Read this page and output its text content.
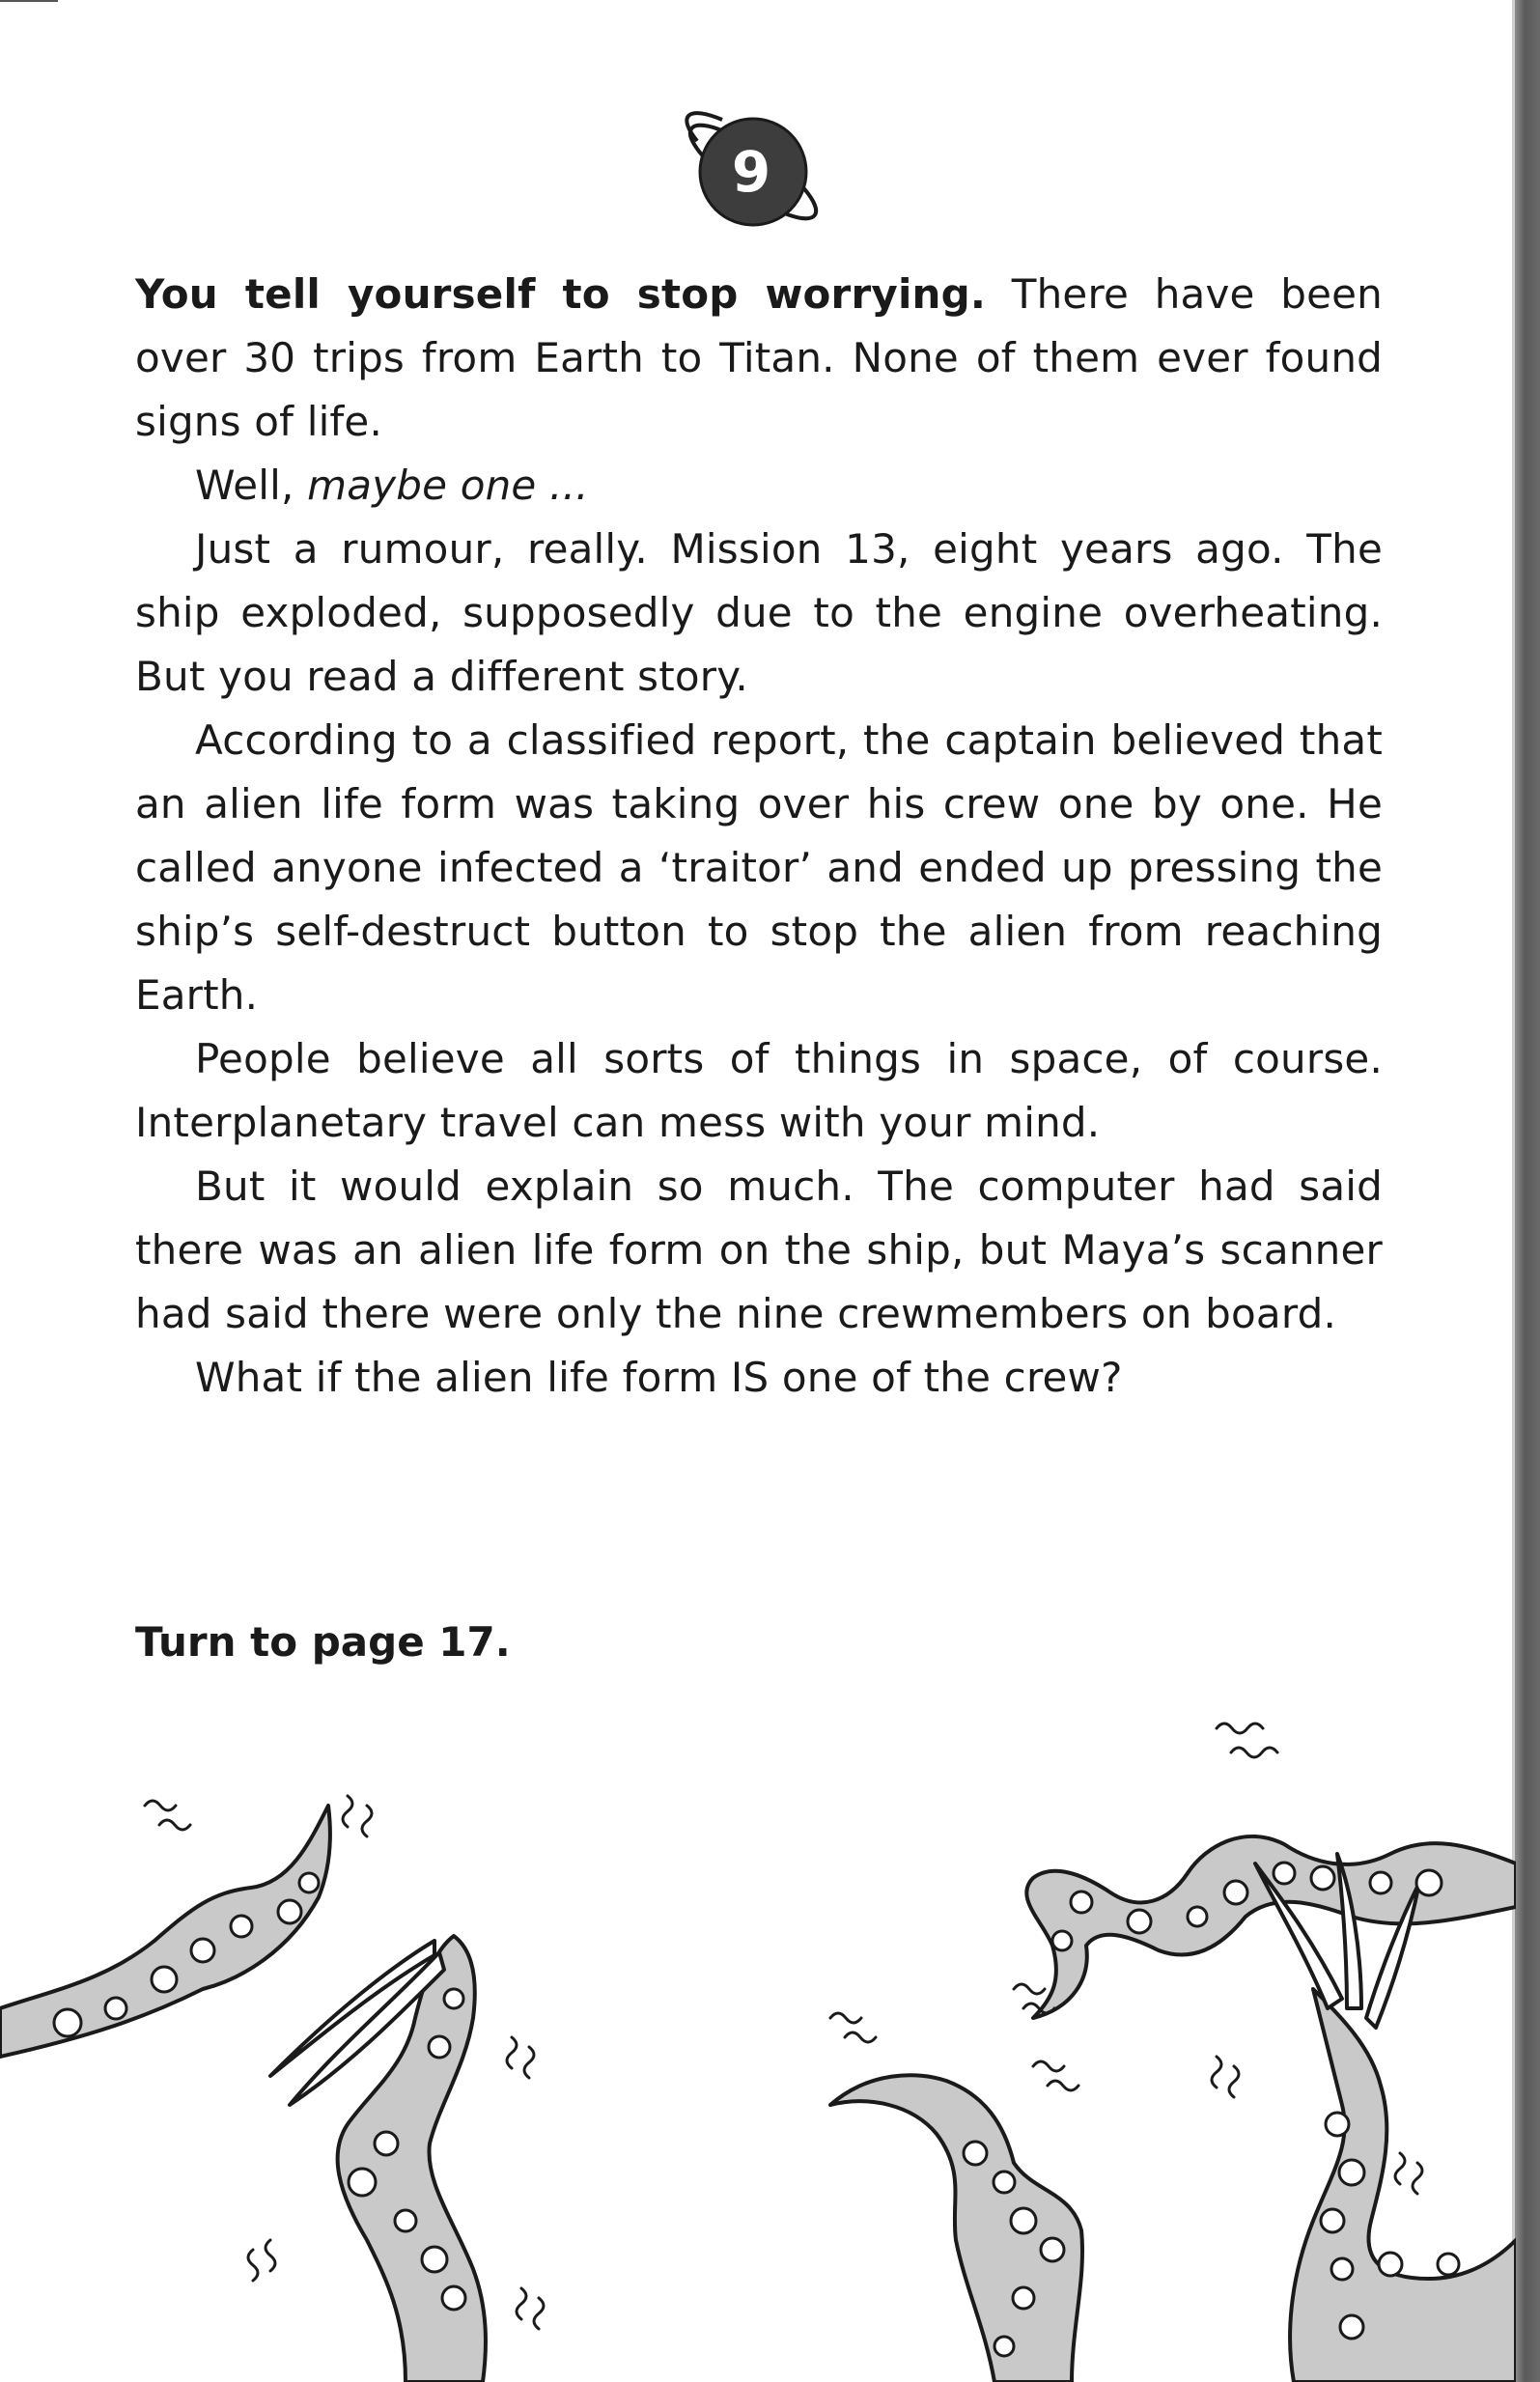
9

You tell yourself to stop worrying. There have been over 30 trips from Earth to Titan. None of them ever found signs of life.

Well, maybe one ...

Just a rumour, really. Mission 13, eight years ago. The ship exploded, supposedly due to the engine overheating. But you read a different story.

According to a classified report, the captain believed that an alien life form was taking over his crew one by one. He called anyone infected a ‘traitor’ and ended up pressing the ship’s self-destruct button to stop the alien from reaching Earth.

People believe all sorts of things in space, of course. Interplanetary travel can mess with your mind.

But it would explain so much. The computer had said there was an alien life form on the ship, but Maya’s scanner had said there were only the nine crewmembers on board.

What if the alien life form IS one of the crew?

Turn to page 17.
